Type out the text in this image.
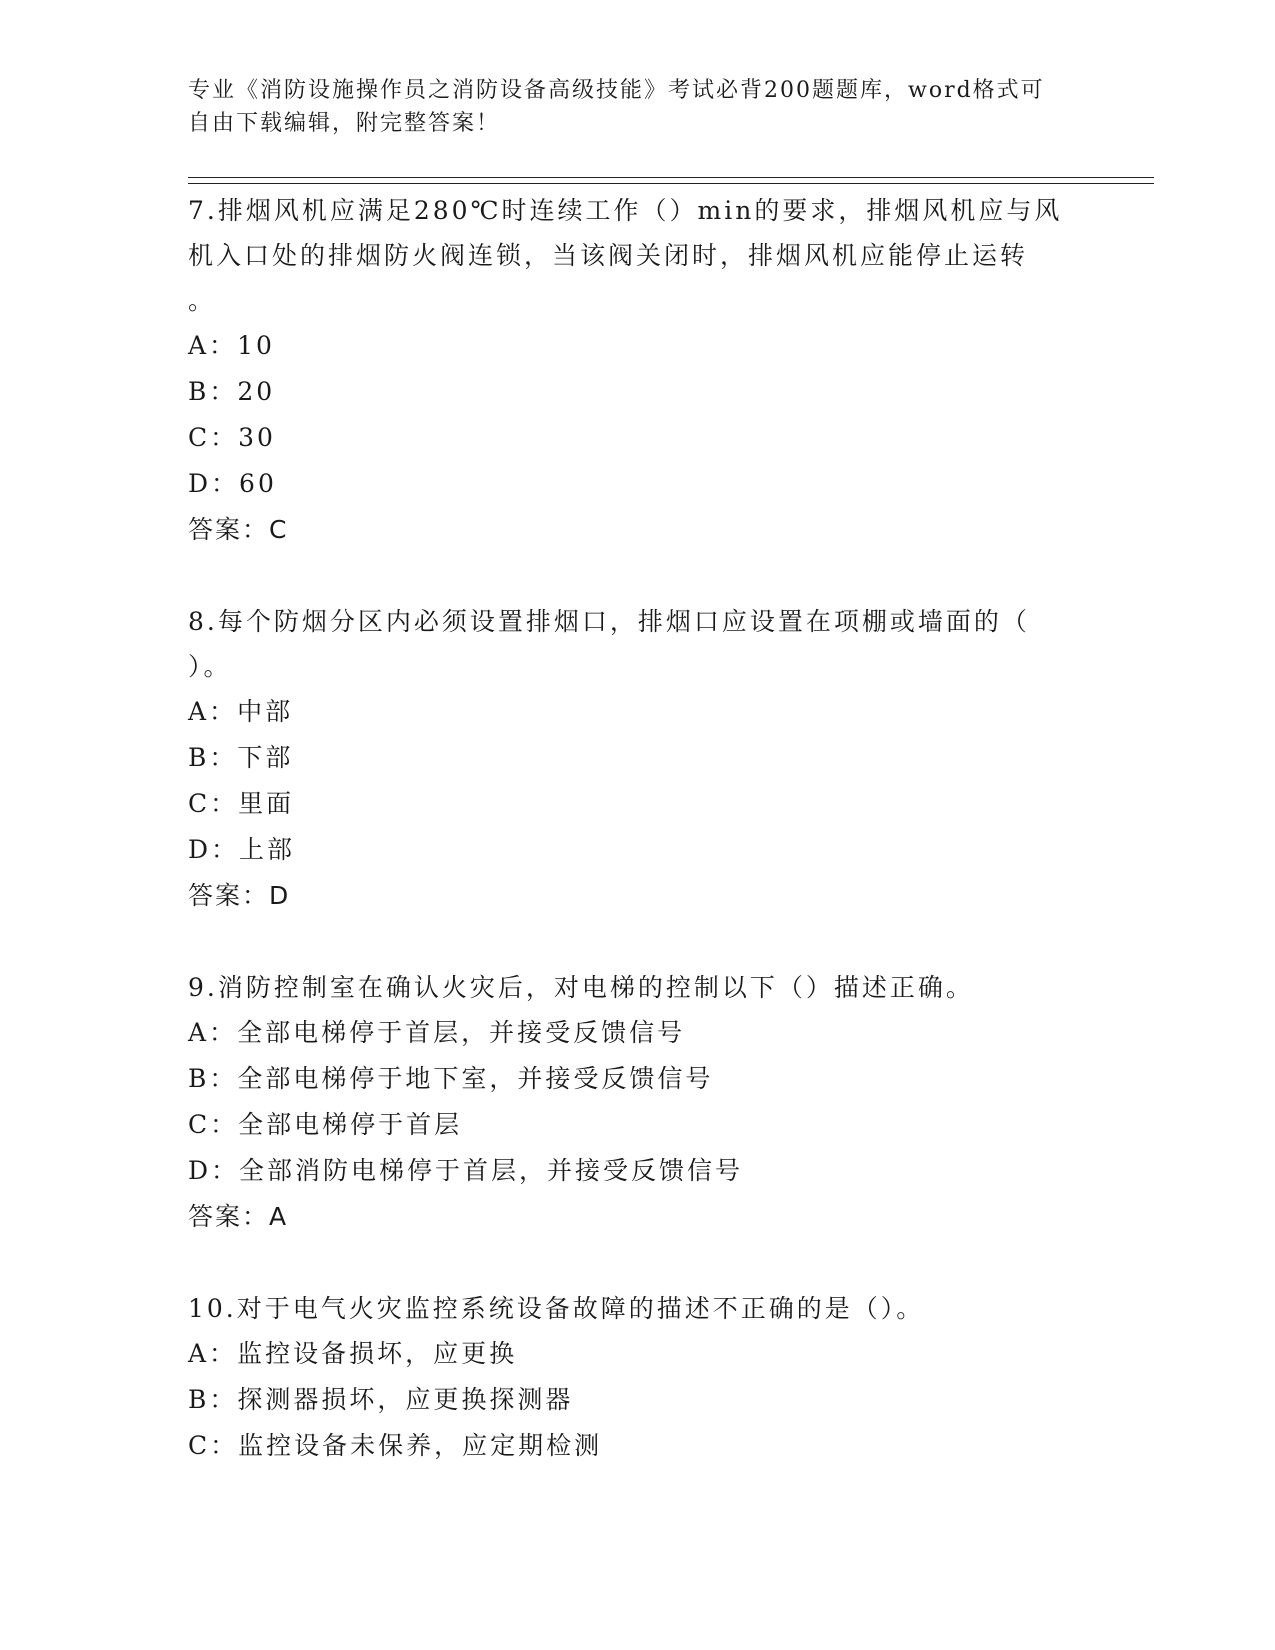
专业《消防设施操作员之消防设备高级技能》考试必背200题题库，word格式可
自由下载编辑，附完整答案！
7.排烟风机应满足280℃时连续工作（）min的要求，排烟风机应与风
机入口处的排烟防火阀连锁，当该阀关闭时，排烟风机应能停止运转
。
A：10
B：20
C：30
D：60
答案：C
8.每个防烟分区内必须设置排烟口，排烟口应设置在项棚或墙面的（
）。
A：中部
B：下部
C：里面
D：上部
答案：D
9.消防控制室在确认火灾后，对电梯的控制以下（）描述正确。
A：全部电梯停于首层，并接受反馈信号
B：全部电梯停于地下室，并接受反馈信号
C：全部电梯停于首层
D：全部消防电梯停于首层，并接受反馈信号
答案：A
10.对于电气火灾监控系统设备故障的描述不正确的是（）。
A：监控设备损坏，应更换
B：探测器损坏，应更换探测器
C：监控设备未保养，应定期检测
